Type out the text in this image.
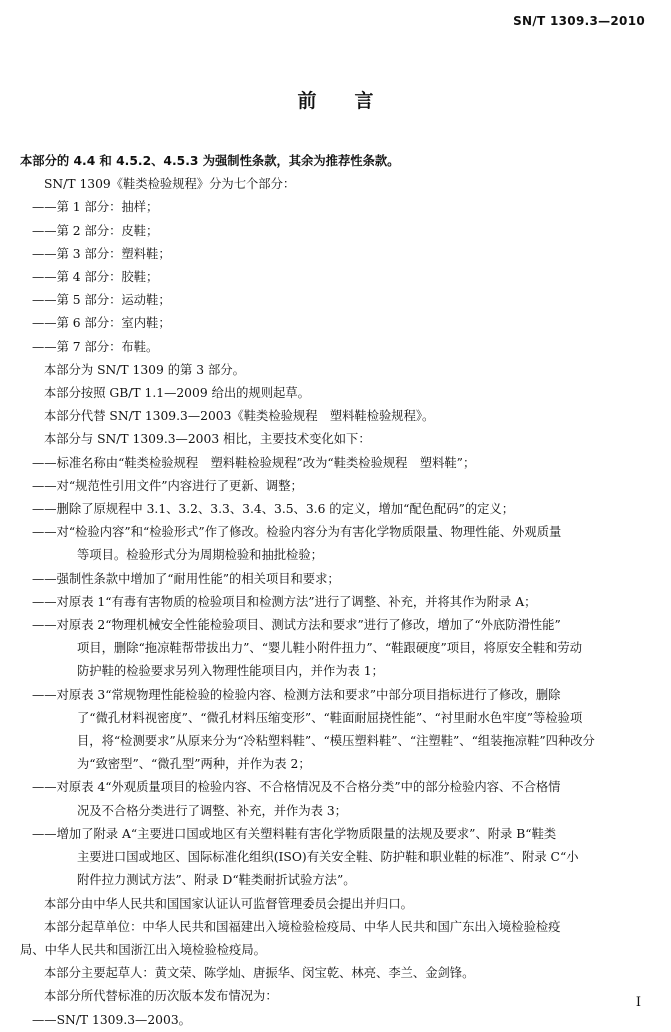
SN/T 1309.3—2010
前言
本部分的 4.4 和 4.5.2、4.5.3 为强制性条款，其余为推荐性条款。
SN/T 1309《鞋类检验规程》分为七个部分：
——第 1 部分：抽样；
——第 2 部分：皮鞋；
——第 3 部分：塑料鞋；
——第 4 部分：胶鞋；
——第 5 部分：运动鞋；
——第 6 部分：室内鞋；
——第 7 部分：布鞋。
本部分为 SN/T 1309 的第 3 部分。
本部分按照 GB/T 1.1—2009 给出的规则起草。
本部分代替 SN/T 1309.3—2003《鞋类检验规程　塑料鞋检验规程》。
本部分与 SN/T 1309.3—2003 相比，主要技术变化如下：
——标准名称由“鞋类检验规程　塑料鞋检验规程”改为“鞋类检验规程　塑料鞋”；
——对“规范性引用文件”内容进行了更新、调整；
——删除了原规程中 3.1、3.2、3.3、3.4、3.5、3.6 的定义，增加“配色配码”的定义；
——对“检验内容”和“检验形式”作了修改。检验内容分为有害化学物质限量、物理性能、外观质量
等项目。检验形式分为周期检验和抽批检验；
——强制性条款中增加了“耐用性能”的相关项目和要求；
——对原表 1“有毒有害物质的检验项目和检测方法”进行了调整、补充，并将其作为附录 A；
——对原表 2“物理机械安全性能检验项目、测试方法和要求”进行了修改，增加了“外底防滑性能”
项目，删除“拖凉鞋帮带拔出力”、“婴儿鞋小附件扭力”、“鞋跟硬度”项目，将原安全鞋和劳动
防护鞋的检验要求另列入物理性能项目内，并作为表 1；
——对原表 3“常规物理性能检验的检验内容、检测方法和要求”中部分项目指标进行了修改，删除
了“微孔材料视密度”、“微孔材料压缩变形”、“鞋面耐屈挠性能”、“衬里耐水色牢度”等检验项
目，将“检测要求”从原来分为“冷粘塑料鞋”、“模压塑料鞋”、“注塑鞋”、“组装拖凉鞋”四种改分
为“致密型”、“微孔型”两种，并作为表 2；
——对原表 4“外观质量项目的检验内容、不合格情况及不合格分类”中的部分检验内容、不合格情
况及不合格分类进行了调整、补充，并作为表 3；
——增加了附录 A“主要进口国或地区有关塑料鞋有害化学物质限量的法规及要求”、附录 B“鞋类
主要进口国或地区、国际标准化组织(ISO)有关安全鞋、防护鞋和职业鞋的标准”、附录 C“小
附件拉力测试方法”、附录 D“鞋类耐折试验方法”。
本部分由中华人民共和国国家认证认可监督管理委员会提出并归口。
本部分起草单位：中华人民共和国福建出入境检验检疫局、中华人民共和国广东出入境检验检疫
局、中华人民共和国浙江出入境检验检疫局。
本部分主要起草人：黄文荣、陈学灿、唐振华、闵宝乾、林亮、李兰、金剑锋。
本部分所代替标准的历次版本发布情况为：
——SN/T 1309.3—2003。
I
